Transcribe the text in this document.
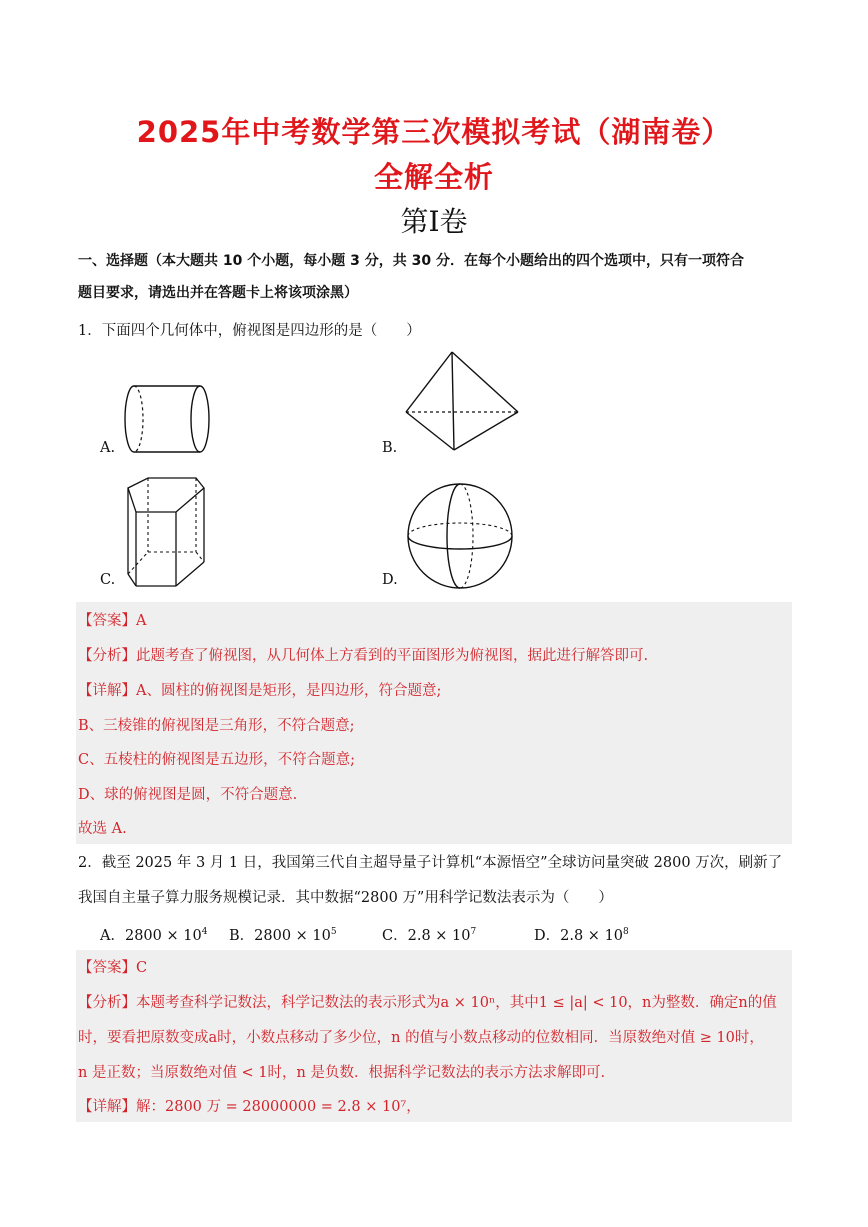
2025年中考数学第三次模拟考试（湖南卷）
全解全析
第I卷
一、选择题（本大题共 10 个小题，每小题 3 分，共 30 分．在每个小题给出的四个选项中，只有一项符合
题目要求，请选出并在答题卡上将该项涂黑）
1．下面四个几何体中，俯视图是四边形的是（　　）
A.	B.
C.	D.
【答案】A
【分析】此题考查了俯视图，从几何体上方看到的平面图形为俯视图，据此进行解答即可.
【详解】A、圆柱的俯视图是矩形，是四边形，符合题意;
B、三棱锥的俯视图是三角形，不符合题意;
C、五棱柱的俯视图是五边形，不符合题意;
D、球的俯视图是圆，不符合题意.
故选 A.
2．截至 2025 年 3 月 1 日，我国第三代自主超导量子计算机“本源悟空”全球访问量突破 2800 万次，刷新了
我国自主量子算力服务规模记录．其中数据“2800 万”用科学记数法表示为（　　）
A．$2800 \times 10^4$ B．$2800 \times 10^5$	C．$2.8 \times 10^7$	D．$2.8 \times 10^8$
【答案】C
【分析】本题考查科学记数法，科学记数法的表示形式为a × 10ⁿ，其中1 ≤ |a| < 10，n为整数．确定n的值
时，要看把原数变成a时，小数点移动了多少位，n 的值与小数点移动的位数相同．当原数绝对值 ≥ 10时，
n 是正数；当原数绝对值 < 1时，n 是负数．根据科学记数法的表示方法求解即可.
【详解】解：2800 万 = 28000000 = 2.8 × 10⁷，
